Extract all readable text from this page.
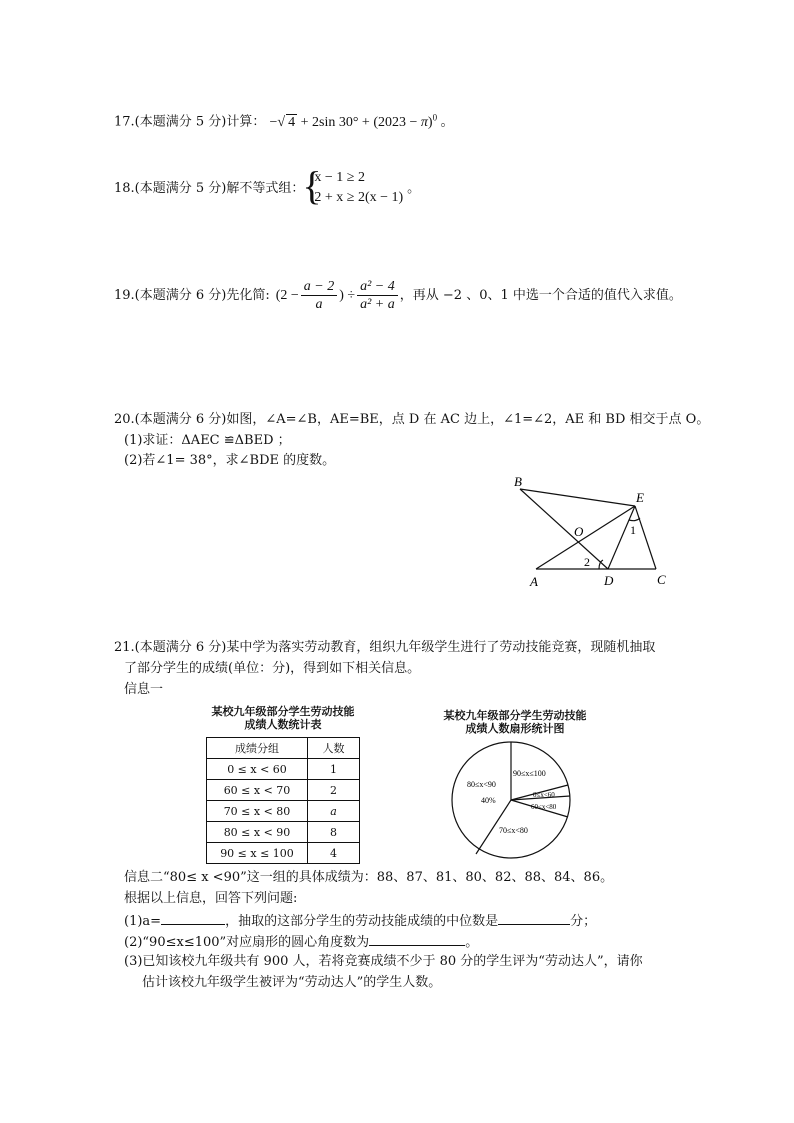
17.(本题满分 5 分)计算： −√ 4 + 2sin $30^\circ + (2023 - \pi)^0$ 。
18.(本题满分 5 分)解不等式组：
{ x − 1 ≥ 2
2 + x ≥ 2(x − 1)
。
19.(本题满分 6 分)先化简: ($2 - \frac{a - 2}{a}$ ) ÷ $\frac{\text{a² − 4}}{\text{a² + a}}$ ，再从 −2 、0、1 中选一个合适的值代入求值。
20.(本题满分 6 分)如图，∠A=∠B，AE=BE，点 D 在 AC 边上，∠1=∠2，AE 和 BD 相交于点 O。
(1)求证：ΔAEC ≌ΔBED ；
(2)若∠1= 38°，求∠BDE 的度数。
B
E
O	1
2
A	D	C
21.(本题满分 6 分)某中学为落实劳动教育，组织九年级学生进行了劳动技能竞赛，现随机抽取
了部分学生的成绩(单位：分)，得到如下相关信息。
信息一
某校九年级部分学生劳动技能
成绩人数统计表
成绩分组	人数
0 ≤ x < 60	1
60 ≤ x < 70	2
70 ≤ x < 80	a
80 ≤ x < 90	8
90 ≤ x ≤ 100	4
某校九年级部分学生劳动技能
成绩人数扇形统计图
80≤x<90
40%
90≤x≤100
0≤x<60
60≤x<80
70≤x<80
信息二“80≤ x <90”这一组的具体成绩为：88、87、81、80、82、88、84、86。
根据以上信息，回答下列问题:
(1)a=	，抽取的这部分学生的劳动技能成绩的中位数是	分；
(2)“90≤x≤100”对应扇形的圆心角度数为	。
(3)已知该校九年级共有 900 人，若将竞赛成绩不少于 80 分的学生评为“劳动达人”，请你
估计该校九年级学生被评为“劳动达人”的学生人数。
